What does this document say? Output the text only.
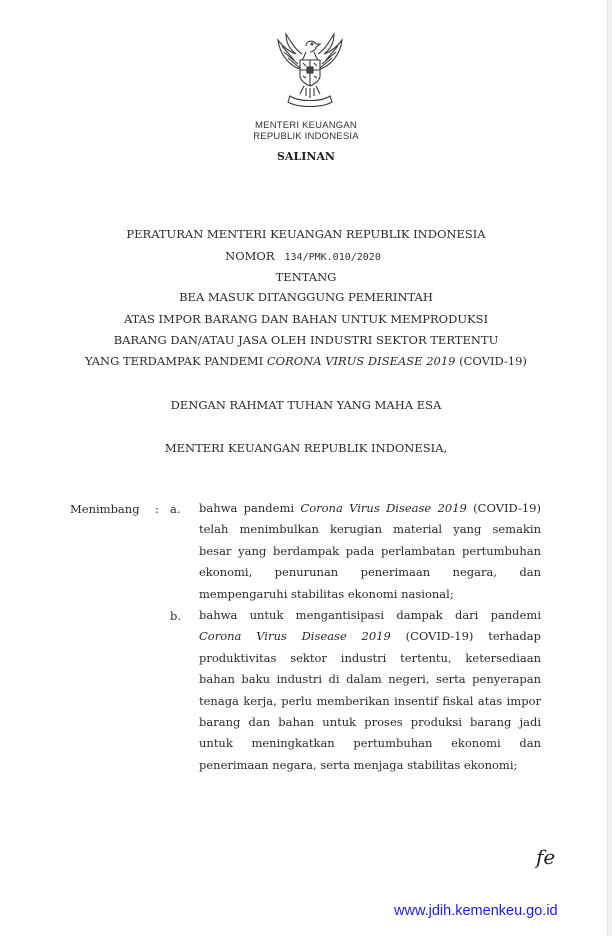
MENTERI KEUANGAN
REPUBLIK INDONESIA
SALINAN
PERATURAN MENTERI KEUANGAN REPUBLIK INDONESIA
NOMOR 134/PMK.010/2020
TENTANG
BEA MASUK DITANGGUNG PEMERINTAH
ATAS IMPOR BARANG DAN BAHAN UNTUK MEMPRODUKSI
BARANG DAN/ATAU JASA OLEH INDUSTRI SEKTOR TERTENTU
YANG TERDAMPAK PANDEMI CORONA VIRUS DISEASE 2019 (COVID-19)
DENGAN RAHMAT TUHAN YANG MAHA ESA
MENTERI KEUANGAN REPUBLIK INDONESIA,
Menimbang : a.
b.

bahwa pandemi Corona Virus Disease 2019 (COVID-19)

telah menimbulkan kerugian material yang semakin

besar yang berdampak pada perlambatan pertumbuhan

ekonomi, penurunan penerimaan negara, dan

mempengaruhi stabilitas ekonomi nasional;

bahwa untuk mengantisipasi dampak dari pandemi

Corona Virus Disease 2019 (COVID-19) terhadap

produktivitas sektor industri tertentu, ketersediaan

bahan baku industri di dalam negeri, serta penyerapan

tenaga kerja, perlu memberikan insentif fiskal atas impor

barang dan bahan untuk proses produksi barang jadi

untuk meningkatkan pertumbuhan ekonomi dan

penerimaan negara, serta menjaga stabilitas ekonomi;

fe
www.jdih.kemenkeu.go.id
